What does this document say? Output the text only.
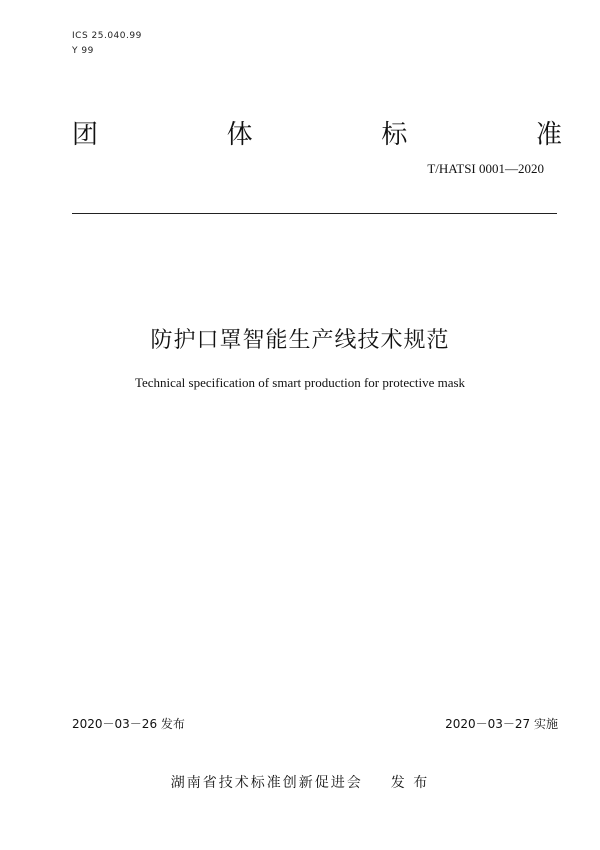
ICS 25.040.99
Y 99
团	体	标	准
T/HATSI 0001—2020
防护口罩智能生产线技术规范
Technical specification of smart production for protective mask
2020－03－26 发布	2020－03－27 实施
湖南省技术标准创新促进会 发 布
